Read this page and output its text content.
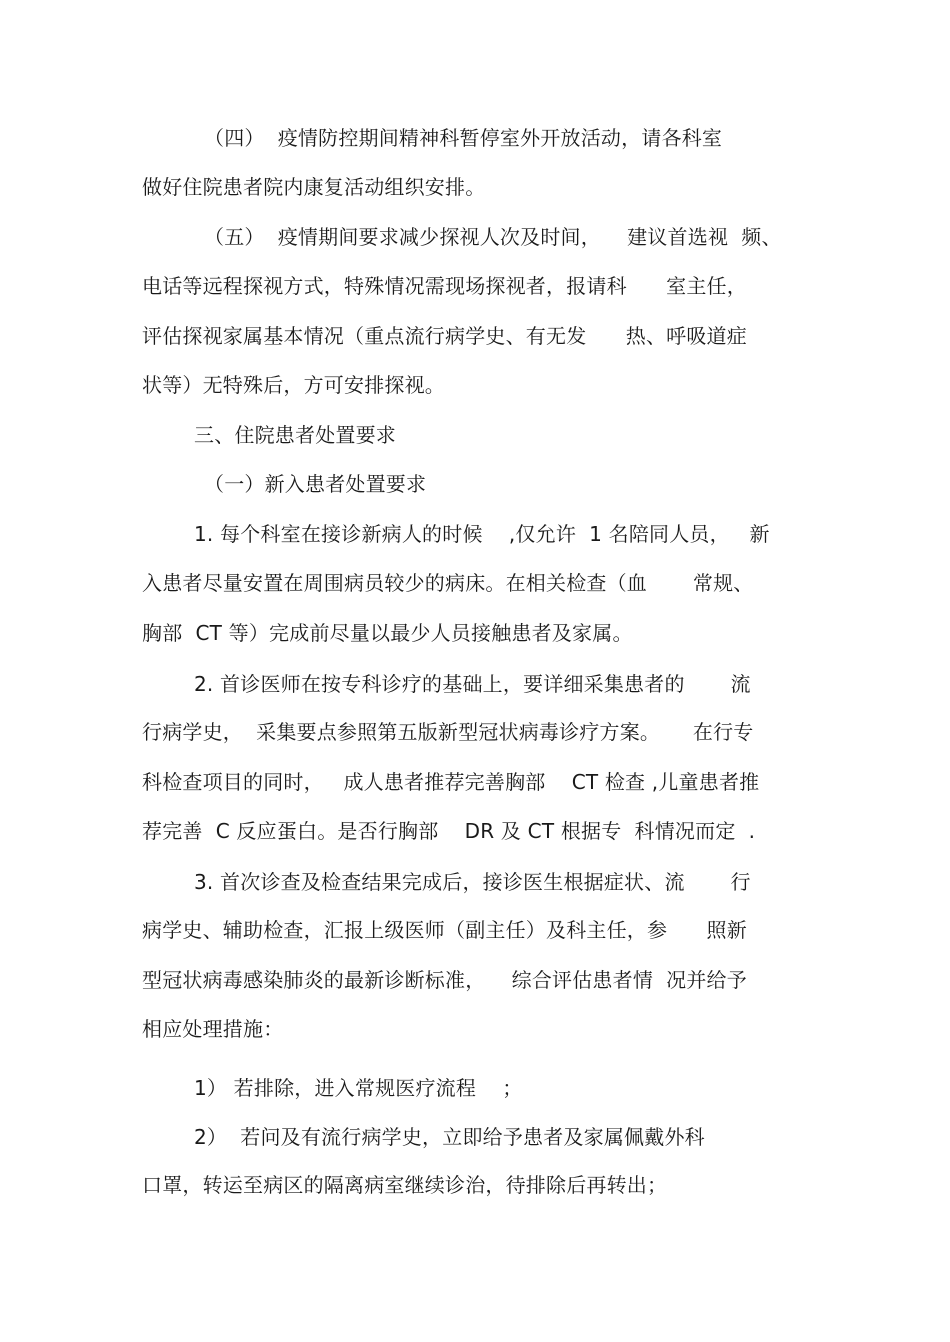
（四）  疫情防控期间精神科暂停室外开放活动，请各科室
做好住院患者院内康复活动组织安排。
（五）  疫情期间要求减少探视人次及时间，    建议首选视  频、
电话等远程探视方式，特殊情况需现场探视者，报请科      室主任，
评估探视家属基本情况（重点流行病学史、有无发      热、呼吸道症
状等）无特殊后，方可安排探视。
三、住院患者处置要求
（一）新入患者处置要求
1. 每个科室在接诊新病人的时候    ,仅允许  1 名陪同人员，   新
入患者尽量安置在周围病员较少的病床。在相关检查（血       常规、
胸部  CT 等）完成前尽量以最少人员接触患者及家属。
2. 首诊医师在按专科诊疗的基础上，要详细采集患者的       流
行病学史，  采集要点参照第五版新型冠状病毒诊疗方案。     在行专
科检查项目的同时，   成人患者推荐完善胸部    CT 检查 ,儿童患者推
荐完善  C 反应蛋白。是否行胸部    DR 及 CT 根据专  科情况而定  .
3. 首次诊查及检查结果完成后，接诊医生根据症状、流       行
病学史、辅助检查，汇报上级医师（副主任）及科主任，参      照新
型冠状病毒感染肺炎的最新诊断标准，    综合评估患者情  况并给予
相应处理措施：
1） 若排除，进入常规医疗流程    ；
2）  若问及有流行病学史，立即给予患者及家属佩戴外科
口罩，转运至病区的隔离病室继续诊治，待排除后再转出；
